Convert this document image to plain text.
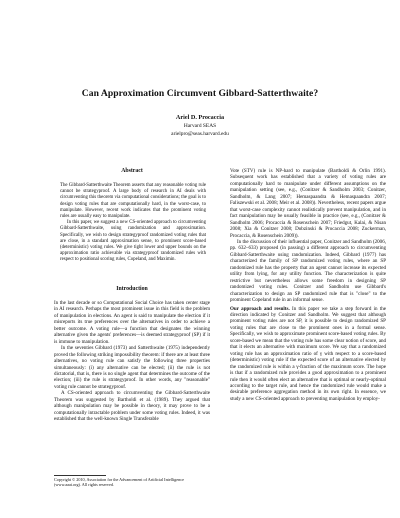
Can Approximation Circumvent Gibbard-Satterthwaite?
Ariel D. Procaccia
Harvard SEAS
arielpro@seas.harvard.edu
Abstract

The Gibbard-Satterthwaite Theorem asserts that any reasonable voting rule cannot be strategyproof. A large body of research in AI deals with circumventing this theorem via computational considerations; the goal is to design voting rules that are computationally hard, in the worst-case, to manipulate. However, recent work indicates that the prominent voting rules are usually easy to manipulate.

In this paper, we suggest a new CS-oriented approach to circumventing Gibbard-Satterthwaite, using randomization and approximation. Specifically, we wish to design strategyproof randomized voting rules that are close, in a standard approximation sense, to prominent score-based (deterministic) voting rules. We give tight lower and upper bounds on the approximation ratio achievable via strategyproof randomized rules with respect to positional scoring rules, Copeland, and Maximin.

Introduction

In the last decade or so Computational Social Choice has taken center stage in AI research. Perhaps the most prominent issue in this field is the problem of manipulation in elections. An agent is said to manipulate the election if it misreports its true preferences over the alternatives in order to achieve a better outcome. A voting rule—a function that designates the winning alternative given the agents' preferences—is deemed strategyproof (SP) if it is immune to manipulation.

In the seventies Gibbard (1973) and Satterthwaite (1975) independently proved the following striking impossibility theorem: if there are at least three alternatives, no voting rule can satisfy the following three properties simultaneously: (i) any alternative can be elected; (ii) the rule is not dictatorial, that is, there is no single agent that determines the outcome of the election; (iii) the rule is strategyproof. In other words, any "reasonable" voting rule cannot be strategyproof.

A CS-oriented approach to circumventing the Gibbard-Satterthwaite Theorem was suggested by Bartholdi et al. (1989). They argued that although manipulation may be possible in theory, it may prove to be a computationally intractable problem under some voting rules. Indeed, it was established that the well-known Single Transferable

Copyright © 2010, Association for the Advancement of Artificial Intelligence (www.aaai.org). All rights reserved.

Vote (STV) rule is NP-hard to manipulate (Bartholdi & Orlin 1991). Subsequent work has established that a variety of voting rules are computationally hard to manipulate under different assumptions on the manipulation setting (see, e.g., (Conitzer & Sandholm 2003; Conitzer, Sandholm, & Lang 2007; Hemaspaandra & Hemaspaandra 2007; Faliszewski et al. 2008; Meir et al. 2008)). Nevertheless, recent papers argue that worst-case complexity cannot realistically prevent manipulation, and in fact manipulation may be usually feasible in practice (see, e.g., (Conitzer & Sandholm 2006; Procaccia & Rosenschein 2007; Friedgut, Kalai, & Nisan 2008; Xia & Conitzer 2008; Dobzinski & Procaccia 2008; Zuckerman, Procaccia, & Rosenschein 2009)).

In the discussion of their influential paper, Conitzer and Sandholm (2006, pp. 632–633) proposed (in passing) a different approach to circumventing Gibbard-Satterthwaite using randomization. Indeed, Gibbard (1977) has characterized the family of SP randomized voting rules, where an SP randomized rule has the property that an agent cannot increase its expected utility from lying, for any utility function. The characterization is quite restrictive but nevertheless allows some freedom in designing SP randomized voting rules. Conitzer and Sandholm use Gibbard's characterization to design an SP randomized rule that is "close" to the prominent Copeland rule in an informal sense.

Our approach and results. In this paper we take a step forward in the direction indicated by Conitzer and Sandholm. We suggest that although prominent voting rules are not SP, it is possible to design randomized SP voting rules that are close to the prominent ones in a formal sense. Specifically, we wish to approximate prominent score-based voting rules. By score-based we mean that the voting rule has some clear notion of score, and that it elects an alternative with maximum score. We say that a randomized voting rule has an approximation ratio of γ with respect to a score-based (deterministic) voting rule if the expected score of an alternative elected by the randomized rule is within a γ-fraction of the maximum score. The hope is that if a randomized rule provides a good approximation to a prominent rule then it would often elect an alternative that is optimal or nearly-optimal according to the target rule, and hence the randomized rule would make a desirable preference aggregation method in its own right. In essence, we study a new CS-oriented approach to preventing manipulation by employ-
